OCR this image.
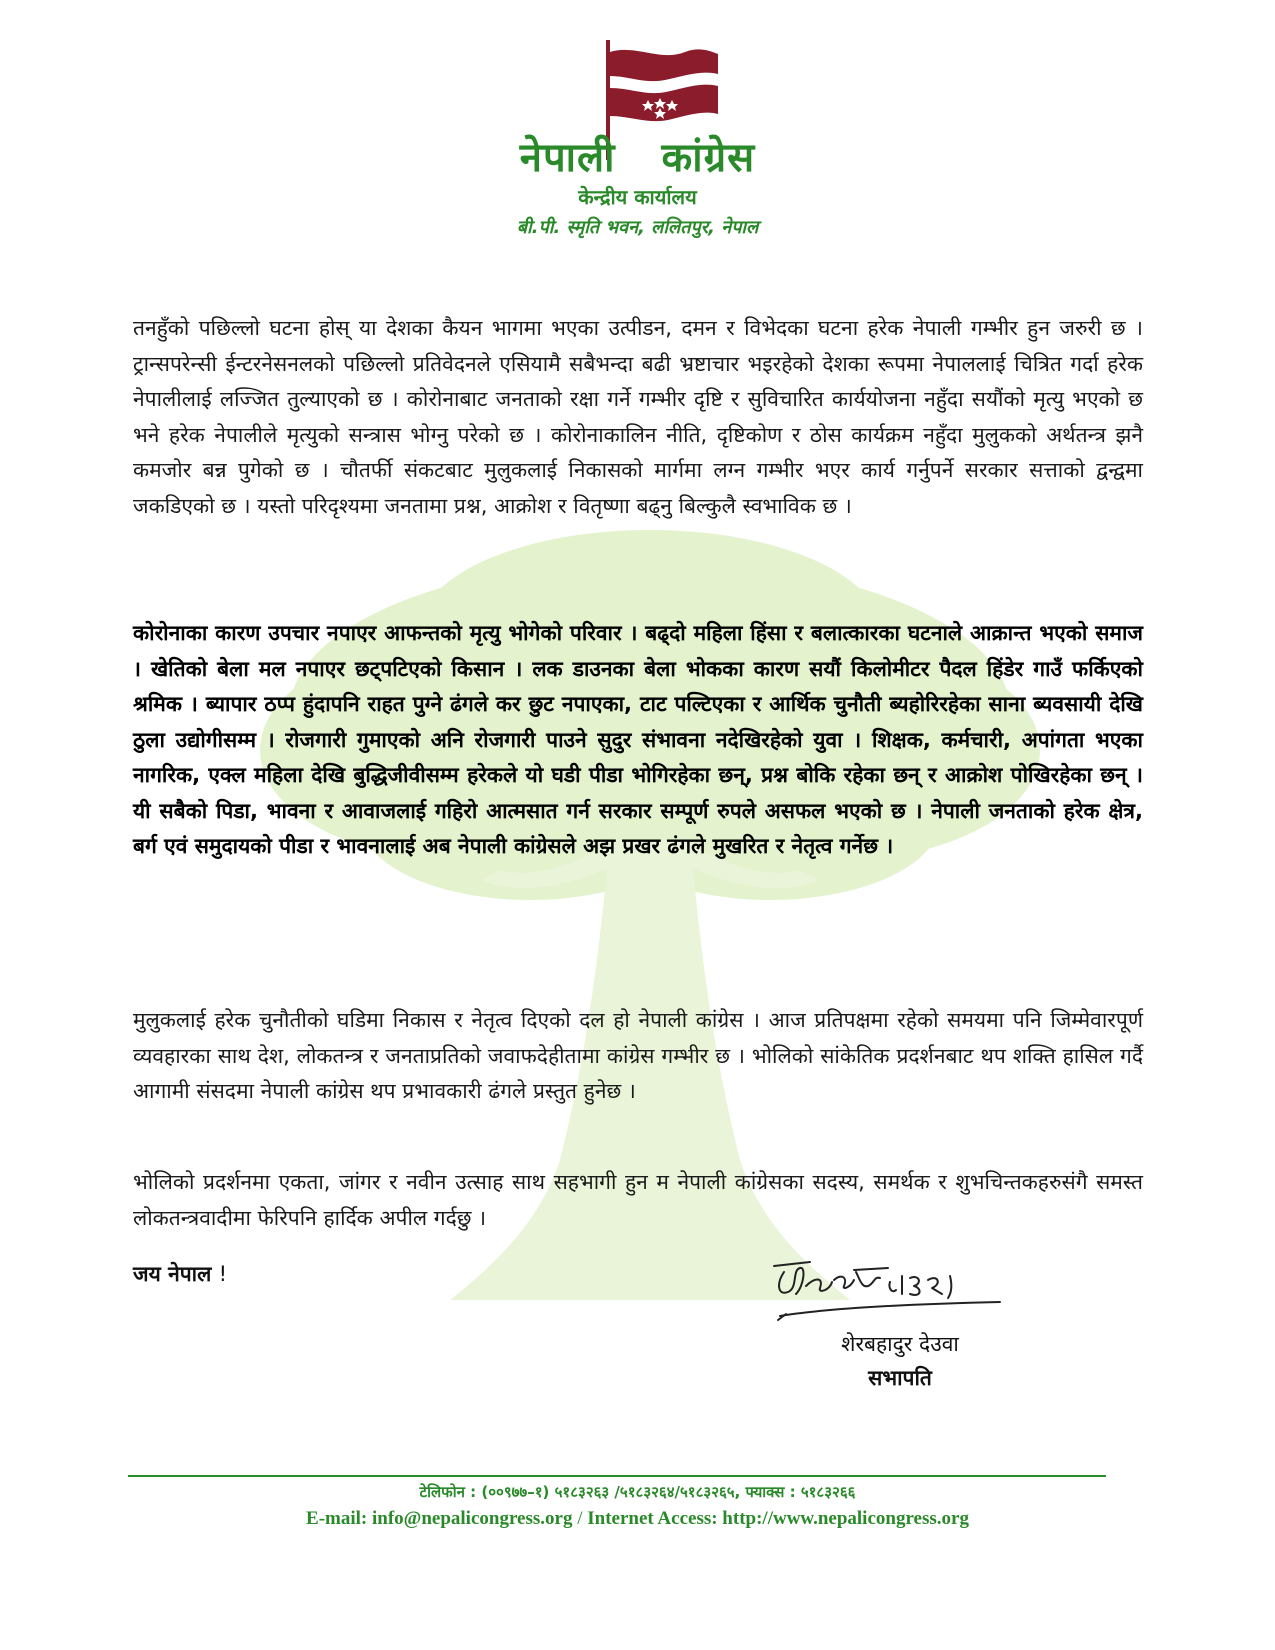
नेपाली कांग्रेस
केन्द्रीय कार्यालय
बी.पी. स्मृति भवन, ललितपुर, नेपाल

तनहुँको पछिल्लो घटना होस् या देशका कैयन भागमा भएका उत्पीडन, दमन र विभेदका घटना हरेक नेपाली गम्भीर हुन जरुरी छ । ट्रान्सपरेन्सी ईन्टरनेसनलको पछिल्लो प्रतिवेदनले एसियामै सबैभन्दा बढी भ्रष्टाचार भइरहेको देशका रूपमा नेपाललाई चित्रित गर्दा हरेक नेपालीलाई लज्जित तुल्याएको छ । कोरोनाबाट जनताको रक्षा गर्ने गम्भीर दृष्टि र सुविचारित कार्ययोजना नहुँदा सयौंको मृत्यु भएको छ भने हरेक नेपालीले मृत्युको सन्त्रास भोग्नु परेको छ । कोरोनाकालिन नीति, दृष्टिकोण र ठोस कार्यक्रम नहुँदा मुलुकको अर्थतन्त्र झनै कमजोर बन्न पुगेको छ । चौतर्फी संकटबाट मुलुकलाई निकासको मार्गमा लग्न गम्भीर भएर कार्य गर्नुपर्ने सरकार सत्ताको द्वन्द्वमा जकडिएको छ । यस्तो परिदृश्यमा जनतामा प्रश्न, आक्रोश र वितृष्णा बढ्नु बिल्कुलै स्वभाविक छ ।

कोरोनाका कारण उपचार नपाएर आफन्तको मृत्यु भोगेको परिवार । बढ्दो महिला हिंसा र बलात्कारका घटनाले आक्रान्त भएको समाज । खेतिको बेला मल नपाएर छट्पटिएको किसान । लक डाउनका बेला भोकका कारण सयौं किलोमीटर पैदल हिंडेर गाउँ फर्किएको श्रमिक । ब्यापार ठप्प हुंदापनि राहत पुग्ने ढंगले कर छुट नपाएका, टाट पल्टिएका र आर्थिक चुनौती ब्यहोरिरहेका साना ब्यवसायी देखि ठुला उद्योगीसम्म । रोजगारी गुमाएको अनि रोजगारी पाउने सुदुर संभावना नदेखिरहेको युवा । शिक्षक, कर्मचारी, अपांगता भएका नागरिक, एक्ल महिला देखि बुद्धिजीवीसम्म हरेकले यो घडी पीडा भोगिरहेका छन्, प्रश्न बोकि रहेका छन् र आक्रोश पोखिरहेका छन् । यी सबैको पिडा, भावना र आवाजलाई गहिरो आत्मसात गर्न सरकार सम्पूर्ण रुपले असफल भएको छ । नेपाली जनताको हरेक क्षेत्र, बर्ग एवं समुदायको पीडा र भावनालाई अब नेपाली कांग्रेसले अझ प्रखर ढंगले मुखरित र नेतृत्व गर्नेछ ।

मुलुकलाई हरेक चुनौतीको घडिमा निकास र नेतृत्व दिएको दल हो नेपाली कांग्रेस । आज प्रतिपक्षमा रहेको समयमा पनि जिम्मेवारपूर्ण व्यवहारका साथ देश, लोकतन्त्र र जनताप्रतिको जवाफदेहीतामा कांग्रेस गम्भीर छ । भोलिको सांकेतिक प्रदर्शनबाट थप शक्ति हासिल गर्दै आगामी संसदमा नेपाली कांग्रेस थप प्रभावकारी ढंगले प्रस्तुत हुनेछ ।

भोलिको प्रदर्शनमा एकता, जांगर र नवीन उत्साह साथ सहभागी हुन म नेपाली कांग्रेसका सदस्य, समर्थक र शुभचिन्तकहरुसंगै समस्त लोकतन्त्रवादीमा फेरिपनि हार्दिक अपील गर्दछु ।

जय नेपाल !

शेरबहादुर देउवा

सभापति

टेलिफोन : (००९७७–१) ५१८३२६३ /५१८३२६४/५१८३२६५, फ्याक्स : ५१८३२६६
E-mail: info@nepalicongress.org / Internet Access: http://www.nepalicongress.org
